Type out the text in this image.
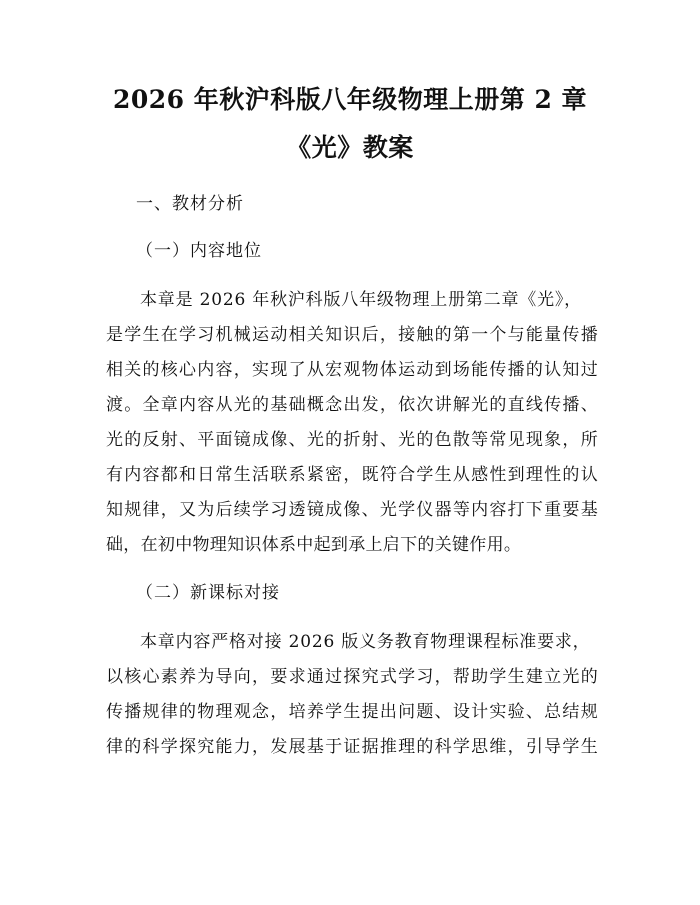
2026 年秋沪科版八年级物理上册第 2 章
《光》教案
一、教材分析
（一）内容地位
本章是 2026 年秋沪科版八年级物理上册第二章《光》，
是学生在学习机械运动相关知识后，接触的第一个与能量传播
相关的核心内容，实现了从宏观物体运动到场能传播的认知过
渡。全章内容从光的基础概念出发，依次讲解光的直线传播、
光的反射、平面镜成像、光的折射、光的色散等常见现象，所
有内容都和日常生活联系紧密，既符合学生从感性到理性的认
知规律，又为后续学习透镜成像、光学仪器等内容打下重要基
础，在初中物理知识体系中起到承上启下的关键作用。
（二）新课标对接
本章内容严格对接 2026 版义务教育物理课程标准要求，
以核心素养为导向，要求通过探究式学习，帮助学生建立光的
传播规律的物理观念，培养学生提出问题、设计实验、总结规
律的科学探究能力，发展基于证据推理的科学思维，引导学生
